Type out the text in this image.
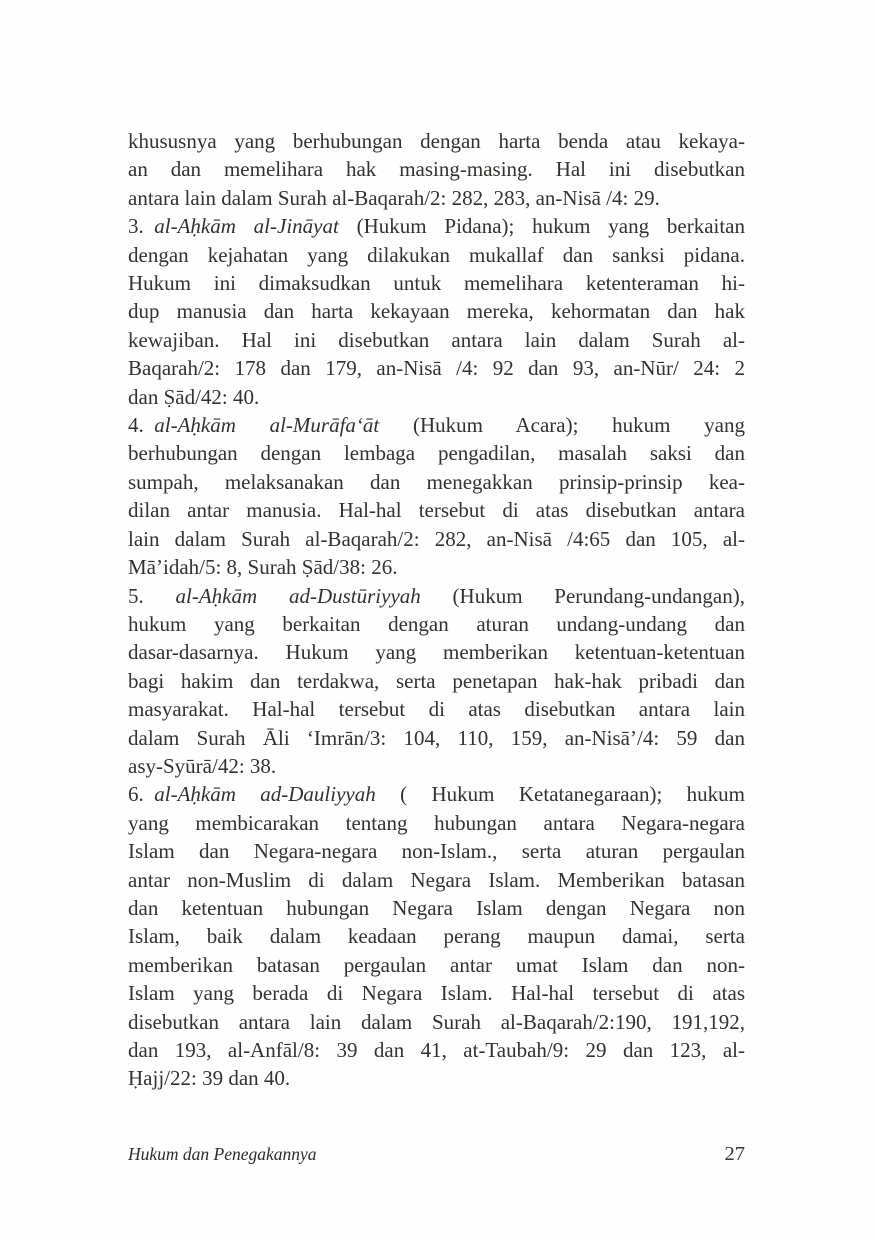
khususnya yang berhubungan dengan harta benda atau kekaya-
an dan memelihara hak masing-masing. Hal ini disebutkan
antara lain dalam Surah al-Baqarah/2: 282, 283, an-Nisā /4: 29.
3. al-Aḥkām al-Jināyat (Hukum Pidana); hukum yang berkaitan
dengan kejahatan yang dilakukan mukallaf dan sanksi pidana.
Hukum ini dimaksudkan untuk memelihara ketenteraman hi-
dup manusia dan harta kekayaan mereka, kehormatan dan hak
kewajiban. Hal ini disebutkan antara lain dalam Surah al-
Baqarah/2: 178 dan 179, an-Nisā /4: 92 dan 93, an-Nūr/ 24: 2
dan Ṣād/42: 40.
4. al-Aḥkām al-Murāfa‘āt (Hukum Acara); hukum yang
berhubungan dengan lembaga pengadilan, masalah saksi dan
sumpah, melaksanakan dan menegakkan prinsip-prinsip kea-
dilan antar manusia. Hal-hal tersebut di atas disebutkan antara
lain dalam Surah al-Baqarah/2: 282, an-Nisā /4:65 dan 105, al-
Mā’idah/5: 8, Surah Ṣād/38: 26.
5. al-Aḥkām ad-Dustūriyyah (Hukum Perundang-undangan),
hukum yang berkaitan dengan aturan undang-undang dan
dasar-dasarnya. Hukum yang memberikan ketentuan-ketentuan
bagi hakim dan terdakwa, serta penetapan hak-hak pribadi dan
masyarakat. Hal-hal tersebut di atas disebutkan antara lain
dalam Surah Āli ‘Imrān/3: 104, 110, 159, an-Nisā’/4: 59 dan
asy-Syūrā/42: 38.
6. al-Aḥkām ad-Dauliyyah ( Hukum Ketatanegaraan); hukum
yang membicarakan tentang hubungan antara Negara-negara
Islam dan Negara-negara non-Islam., serta aturan pergaulan
antar non-Muslim di dalam Negara Islam. Memberikan batasan
dan ketentuan hubungan Negara Islam dengan Negara non
Islam, baik dalam keadaan perang maupun damai, serta
memberikan batasan pergaulan antar umat Islam dan non-
Islam yang berada di Negara Islam. Hal-hal tersebut di atas
disebutkan antara lain dalam Surah al-Baqarah/2:190, 191,192,
dan 193, al-Anfāl/8: 39 dan 41, at-Taubah/9: 29 dan 123, al-
Ḥajj/22: 39 dan 40.
Hukum dan Penegakannya	27
